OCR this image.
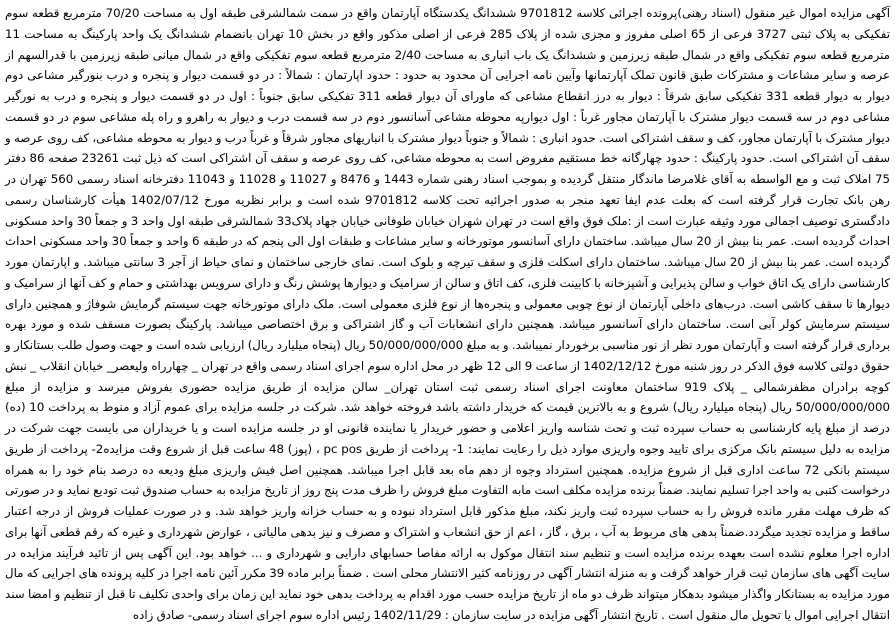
آگهی مزایده اموال غیر منقول (اسناد رهنی)پرونده اجرائی کلاسه 9701812 ششدانگ یکدستگاه آپارتمان واقع در سمت شمالشرقی طبقه اول به مساحت 70/20 مترمربع قطعه سوم تفکیکی به پلاک ثبتی 3727 فرعی از 65 اصلی مفروز و مجزی شده از پلاک 285 فرعی از اصلی مذکور واقع در بخش 10 تهران بانضمام ششدانگ یک واحد پارکینگ به مساحت 11 مترمربع قطعه سوم تفکیکی واقع در شمال طبقه زیرزمین و ششدانگ یک باب انباری به مساحت 2/40 مترمربع قطعه سوم تفکیکی واقع در شمال میانی طبقه زیرزمین با قدرالسهم از عرصه و سایر مشاعات و مشترکات طبق قانون تملک آپارتمانها وآیین نامه اجرایی آن محدود به حدود : حدود اپارتمان : شمالاً : در دو قسمت دیوار و پنجره و درب بنورگیر مشاعی دوم دیوار به دیوار قطعه 331 تفکیکی سابق شرقاً : دیوار به درز انقطاع مشاعی که ماورای آن دیوار قطعه 311 تفکیکی سابق جنوباً : اول در دو قسمت دیوار و پنجره و درب به نورگیر مشاعی دوم در سه قسمت دیوار مشترک با آپارتمان مجاور غرباً : اول دیوارپه محوطه مشاعی آسانسور دوم در سه قسمت درب و دیوار به راهرو و راه پله مشاعی سوم در دو قسمت دیوار مشترک با آپارتمان مجاور، کف و سقف اشتراکی است. حدود انباری : شمالاً و جنوباً دیوار مشترک با انباریهای مجاور شرقاً و غرباً درب و دیوار به محوطه مشاعی، کف روی عرصه و سقف آن اشتراکی است. حدود پارکینگ : حدود چهارگانه خط مستقیم مفروض است به محوطه مشاعی، کف روی عرصه و سقف آن اشتراکی است که ذیل ثبت 23261 صفحه 86 دفتر 75 املاک ثبت و مع الواسطه به آقای غلامرضا ماندگار منتقل گردیده و بموجب اسناد رهنی شماره 1443 و 8476 و 11027 و 11028 و 11043 دفترخانه اسناد رسمی 560 تهران در رهن بانک تجارت قرار گرفته است که بعلت عدم ایفا تعهد منجر به صدور اجرائیه تحت کلاسه 9701812 شده است و برابر نظریه مورخ 1402/07/12 هیأت کارشناسان رسمی دادگستری توصیف اجمالی مورد وثیقه عبارت است از :ملک فوق واقع است در تهران شهران خیابان طوفانی خیابان جهاد پلاک33 شمالشرقی طبقه اول واحد 3 و جمعاً 30 واحد مسکونی احداث گردیده است. عمر بنا بیش از 20 سال میباشد. ساختمان دارای آسانسور موتورخانه و سایر مشاعات و طبقات اول الی پنجم که در طبقه 6 واحد و جمعاً 30 واحد مسکونی احداث گردیده است. عمر بنا بیش از 20 سال میباشد. ساختمان دارای اسکلت فلزی و سقف تیرچه و بلوک است. نمای خارجی ساختمان و نمای حیاط از آجر 3 سانتی میباشد. و اپارتمان مورد کارشناسی دارای یک اتاق خواب و سالن پذیرایی و آشپزخانه با کابینت فلزی، کف اتاق و سالن از سرامیک و دیوارها پوشش رنگ و دارای سرویس بهداشتی و حمام و کف آنها از سرامیک و دیوارها تا سقف کاشی است. درب‌های داخلی آپارتمان از نوع چوبی معمولی و پنجره‌ها از نوع فلزی معمولی است. ملک دارای موتورخانه جهت سیستم گرمایش شوفاژ و همچنین دارای سیستم سرمایش کولر آبی است. ساختمان دارای آسانسور میباشد. همچنین دارای انشعابات آب و گاز اشتراکی و برق اختصاصی میباشد. پارکینگ بصورت مسقف شده و مورد بهره برداری قرار گرفته است و آپارتمان مورد نظر از نور مناسبی برخوردار نمیباشد. و به مبلغ 50/000/000/000 ریال (پنجاه میلیارد ریال) ارزیابی شده است و جهت وصول طلب بستانکار و حقوق دولتی کلاسه فوق الذکر در روز شنبه مورخ 1402/12/12 از ساعت 9 الی 12 ظهر در محل اداره سوم اجرای اسناد رسمی واقع در تهران _ چهارراه ولیعصر_ خیابان انقلاب _ نبش کوچه برادران مظفرشمالی _ پلاک 919 ساختمان معاونت اجرای اسناد رسمی ثبت استان تهران_ سالن مزایده از طریق مزایده حضوری بفروش میرسد و مزایده از مبلغ 50/000/000/000 ریال (پنجاه میلیارد ریال) شروع و به بالاترین قیمت که خریدار داشته باشد فروخته خواهد شد. شرکت در جلسه مزایده برای عموم آزاد و منوط به پرداخت 10 (ده) درصد از مبلغ پایه کارشناسی به حساب سپرده ثبت و تحت شناسه واریز اعلامی و حضور خریدار یا نماینده قانونی او در جلسه مزایده است و یا خریداران می بایست جهت شرکت در مزایده به دلیل سیستم بانک مرکزی برای تایید وجوه واریزی موارد ذیل را رعایت نمایند: 1- پرداخت از طریق pc pos ، (پوز) 48 ساعت قبل از شروع وقت مزایده2- پرداخت از طریق سیستم بانکی 72 ساعت اداری قبل از شروع مزایده. همچنین استرداد وجوه از دهم ماه بعد قابل اجرا میباشد. همچنین اصل فیش واریزی مبلغ ودیعه ده درصد بنام خود را به همراه درخواست کتبی به واحد اجرا تسلیم نمایند. ضمناً برنده مزایده مکلف است مابه التفاوت مبلغ فروش را ظرف مدت پنج روز از تاریخ مزایده به حساب صندوق ثبت تودیع نماید و در صورتی که ظرف مهلت مقرر مانده فروش را به حساب سپرده ثبت واریز نکند، مبلغ مذکور قابل استرداد نبوده و به حساب خزانه واریز خواهد شد. و در صورت عملیات فروش از درجه اعتبار ساقط و مزایده تجدید میگردد.ضمناً بدهی های مربوط به آب ، برق ، گاز ، اعم از حق انشعاب و اشتراک و مصرف و نیز بدهی مالیاتی ، عوارض شهرداری و غیره که رقم قطعی آنها برای اداره اجرا معلوم نشده است بعهده برنده مزایده است و تنظیم سند انتقال موکول به ارائه مفاصا حسابهای دارایی و شهرداری و ... خواهد بود. این آگهی پس از تائید فرآیند مزایده در سایت آگهی های سازمان ثبت قرار خواهد گرفت و به منزله انتشار آگهی در روزنامه کثیر الانتشار محلی است . ضمناً برابر ماده 39 مکرر آئین نامه اجرا در کلیه پرونده های اجرایی که مال مورد مزایده به بستانکار واگذار میشود بدهکار میتواند ظرف دو ماه از تاریخ مزایده حسب مورد اقدام به پرداخت بدهی خود نماید این زمان برای واحدی تکلیف تا قبل از تنظیم و امضا سند انتقال اجرایی اموال یا تحویل مال منقول است . تاریخ انتشار آگهی مزایده در سایت سازمان : 1402/11/29 رئیس اداره سوم اجرای اسناد رسمی- صادق زاده
